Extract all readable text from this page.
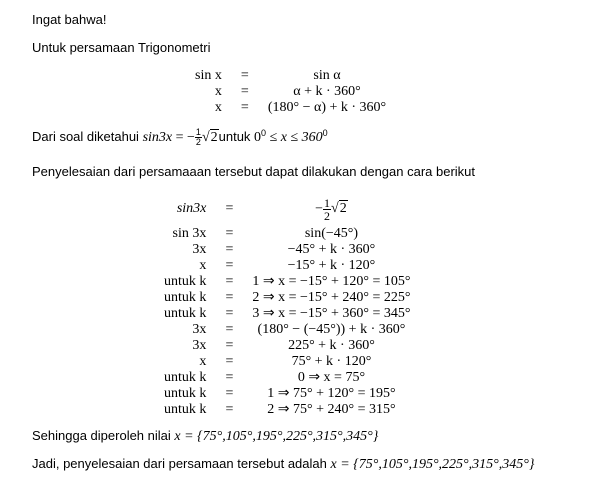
Ingat bahwa!
Untuk persamaan Trigonometri
sin x	=	sin α
x	=	α + k · 360°
x	=	(180° − α) + k · 360°
Dari soal diketahui sin3x = − $\frac{1}{2}$ √2untuk $0^0 \le x \le 360^0$
Penyelesaian dari persamaaan tersebut dapat dilakukan dengan cara berikut
sin3x	=	− $\frac{1}{2} √2$
sin 3x	=	sin(−45°)
3x	=	−45° + k · 360°
x	=	−15° + k · 120°
untuk k	=	1 ⇒ x = −15° + 120° = 105°
untuk k	=	2 ⇒ x = −15° + 240° = 225°
untuk k	=	3 ⇒ x = −15° + 360° = 345°
3x	=	(180° − (−45°)) + k · 360°
3x	=	225° + k · 360°
x	=	75° + k · 120°
untuk k	=	0 ⇒ x = 75°
untuk k	=	1 ⇒ 75° + 120° = 195°
untuk k	=	2 ⇒ 75° + 240° = 315°
Sehingga diperoleh nilai x = {75°,105°,195°,225°,315°,345°}
Jadi, penyelesaian dari persamaan tersebut adalah x = {75°,105°,195°,225°,315°,345°}
